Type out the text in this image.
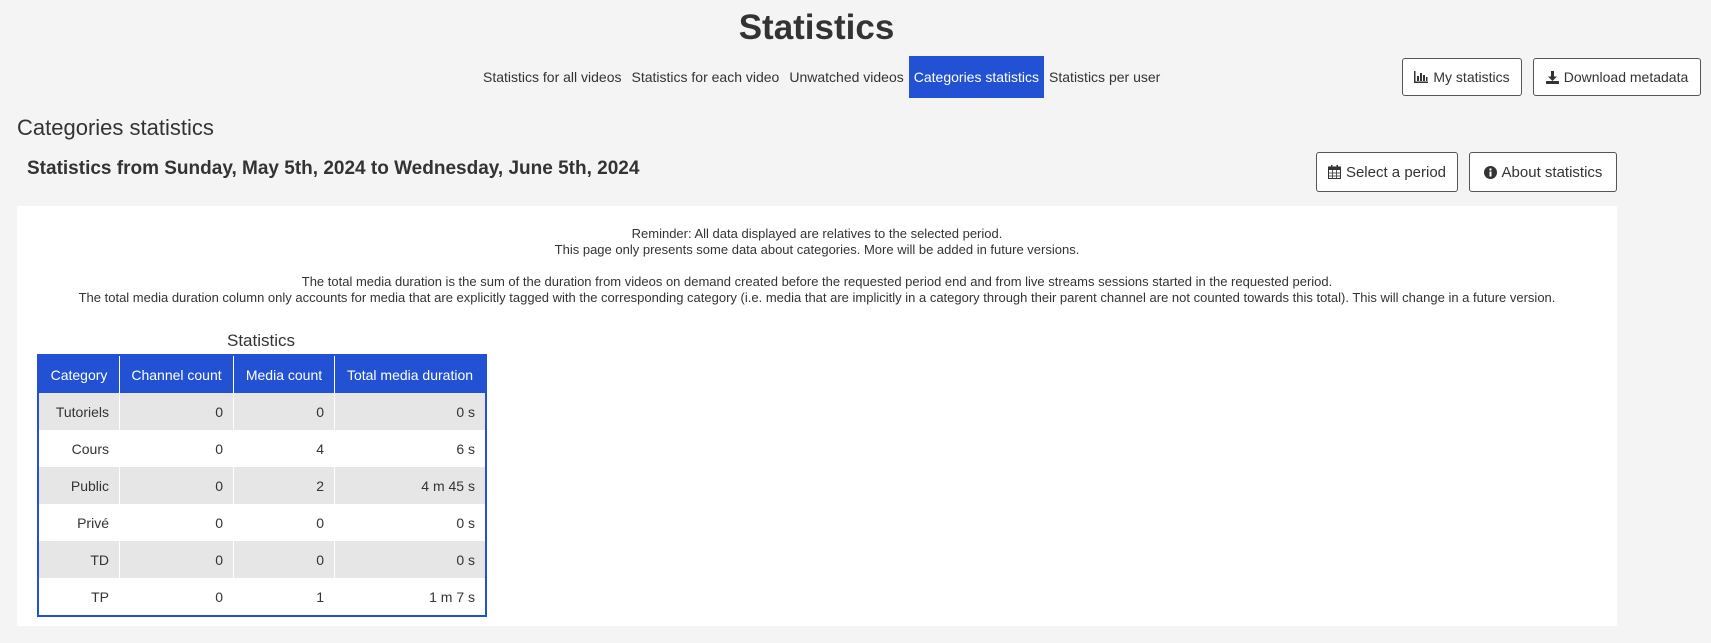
Statistics
Statistics for all videos Statistics for each video Unwatched videos Categories statistics Statistics per user	My statistics	Download metadata
Categories statistics
Statistics from Sunday, May 5th, 2024 to Wednesday, June 5th, 2024	Select a period	About statistics

Reminder: All data displayed are relatives to the selected period.

This page only presents some data about categories. More will be added in future versions.

The total media duration is the sum of the duration from videos on demand created before the requested period end and from live streams sessions started in the requested period.

The total media duration column only accounts for media that are explicitly tagged with the corresponding category (i.e. media that are implicitly in a category through their parent channel are not counted towards this total). This will change in a future version.

Statistics
Category	Channel count	Media count	Total media duration
Tutoriels	0	0	0 s
Cours	0	4	6 s
Public	0	2	4 m 45 s
Privé	0	0	0 s
TD	0	0	0 s
TP	0	1	1 m 7 s
